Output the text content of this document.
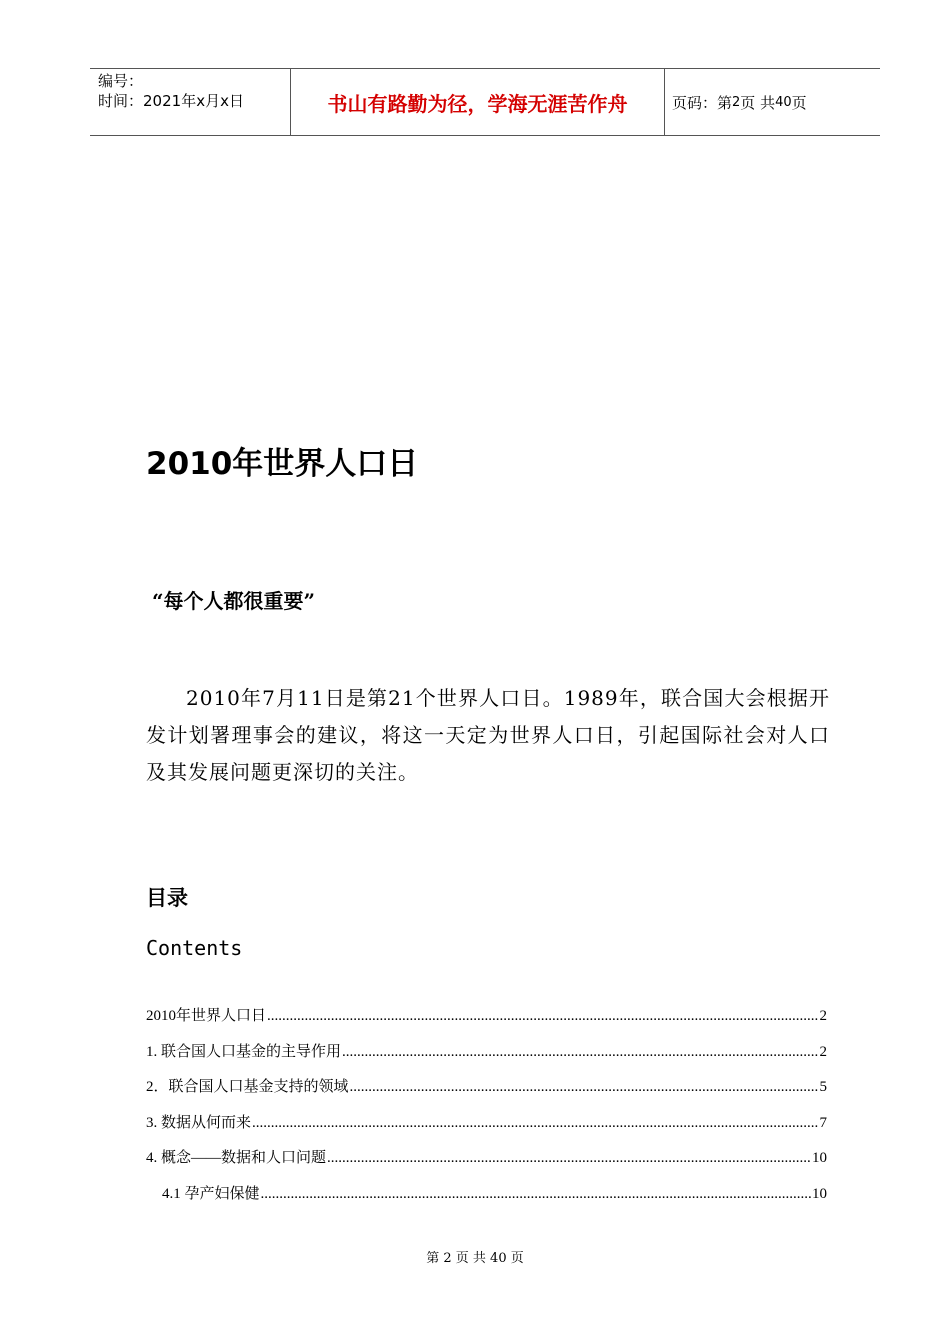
编号：
时间：2021年x月x日	书山有路勤为径，学海无涯苦作舟	页码：第 2 页 共 40 页
2010年世界人口日
“每个人都很重要”
2010年7月11日是第21个世界人口日。1989年，联合国大会根据开发计划署理事会的建议，将这一天定为世界人口日，引起国际社会对人口及其发展问题更深切的关注。
目录
Contents
2010年世界人口日 .....	2
1. 联合国人口基金的主导作用 .....	2
2．联合国人口基金支持的领域 .....	5
3. 数据从何而来 .....	7
4. 概念——数据和人口问题 .....	10
4.1 孕产妇保健 .....	10
第 2 页 共 40 页
